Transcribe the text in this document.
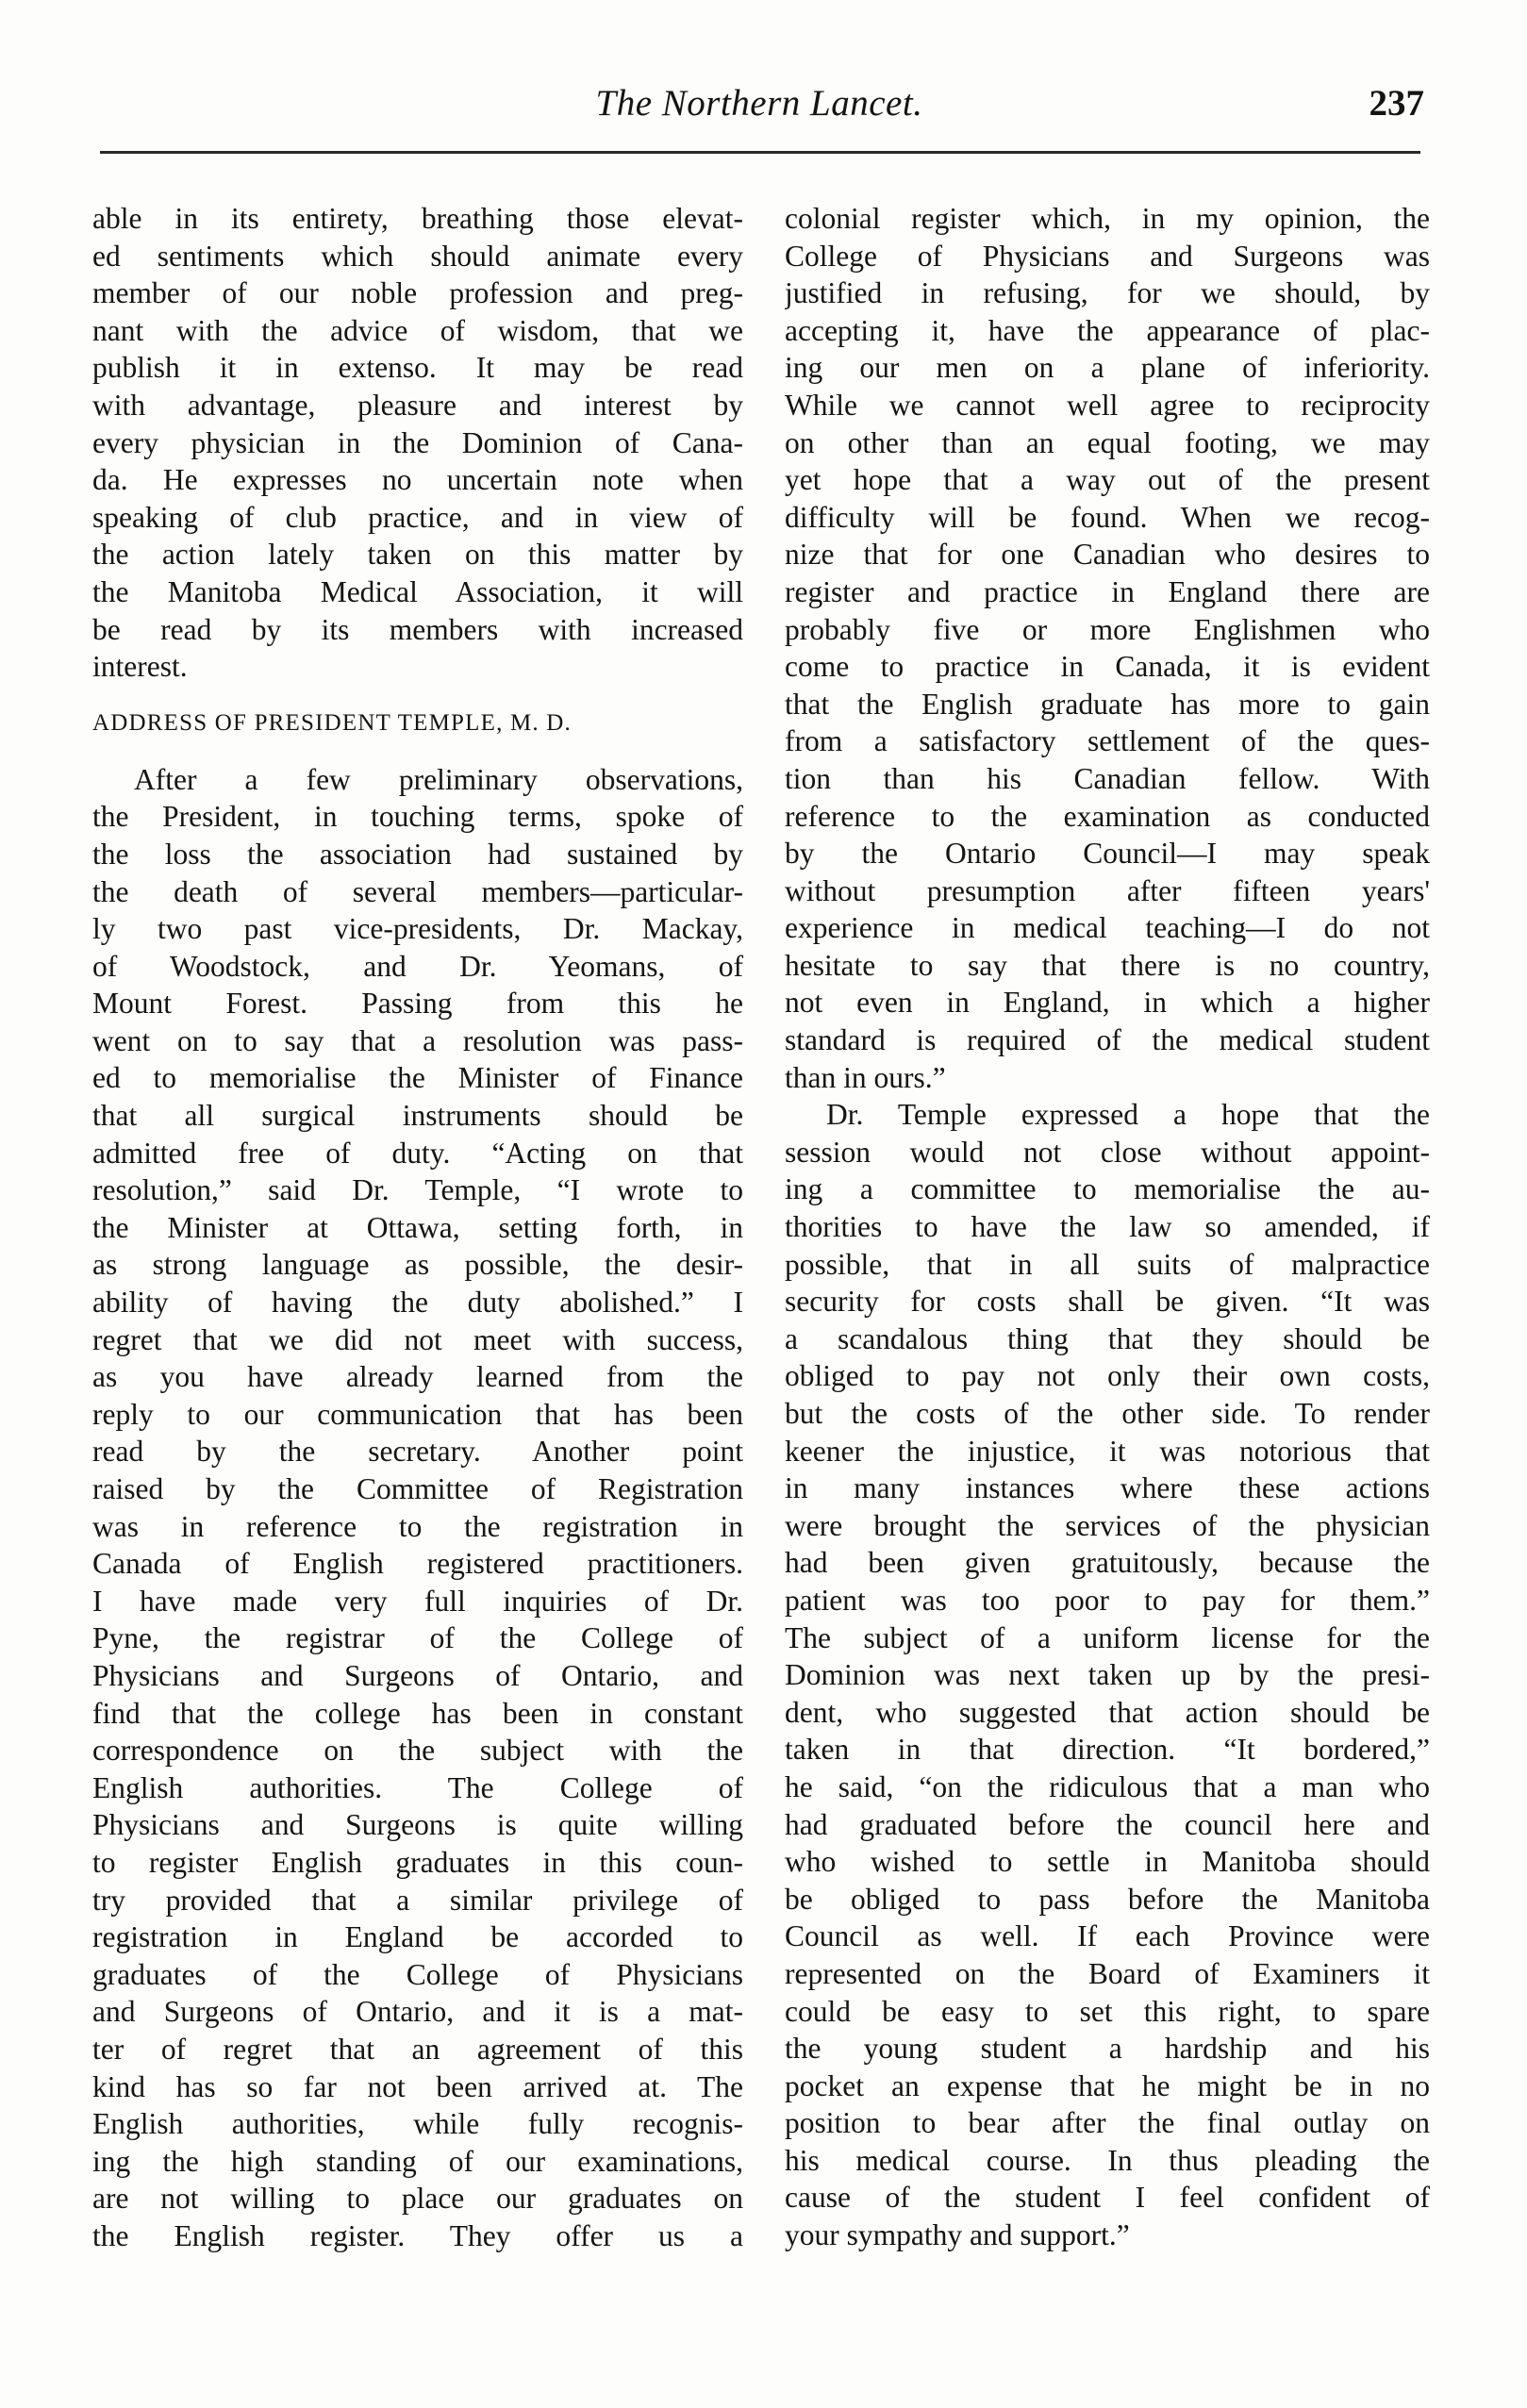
The Northern Lancet.	237
able in its entirety, breathing those elevat-
ed sentiments which should animate every
member of our noble profession and preg-
nant with the advice of wisdom, that we
publish it in extenso. It may be read
with advantage, pleasure and interest by
every physician in the Dominion of Cana-
da. He expresses no uncertain note when
speaking of club practice, and in view of
the action lately taken on this matter by
the Manitoba Medical Association, it will
be read by its members with increased
interest.
ADDRESS OF PRESIDENT TEMPLE, M. D.
After a few preliminary observations,
the President, in touching terms, spoke of
the loss the association had sustained by
the death of several members—particular-
ly two past vice-presidents, Dr. Mackay,
of Woodstock, and Dr. Yeomans, of
Mount Forest. Passing from this he
went on to say that a resolution was pass-
ed to memorialise the Minister of Finance
that all surgical instruments should be
admitted free of duty. “Acting on that
resolution,” said Dr. Temple, “I wrote to
the Minister at Ottawa, setting forth, in
as strong language as possible, the desir-
ability of having the duty abolished.” I
regret that we did not meet with success,
as you have already learned from the
reply to our communication that has been
read by the secretary. Another point
raised by the Committee of Registration
was in reference to the registration in
Canada of English registered practitioners.
I have made very full inquiries of Dr.
Pyne, the registrar of the College of
Physicians and Surgeons of Ontario, and
find that the college has been in constant
correspondence on the subject with the
English authorities. The College of
Physicians and Surgeons is quite willing
to register English graduates in this coun-
try provided that a similar privilege of
registration in England be accorded to
graduates of the College of Physicians
and Surgeons of Ontario, and it is a mat-
ter of regret that an agreement of this
kind has so far not been arrived at. The
English authorities, while fully recognis-
ing the high standing of our examinations,
are not willing to place our graduates on
the English register. They offer us a
colonial register which, in my opinion, the
College of Physicians and Surgeons was
justified in refusing, for we should, by
accepting it, have the appearance of plac-
ing our men on a plane of inferiority.
While we cannot well agree to reciprocity
on other than an equal footing, we may
yet hope that a way out of the present
difficulty will be found. When we recog-
nize that for one Canadian who desires to
register and practice in England there are
probably five or more Englishmen who
come to practice in Canada, it is evident
that the English graduate has more to gain
from a satisfactory settlement of the ques-
tion than his Canadian fellow. With
reference to the examination as conducted
by the Ontario Council—I may speak
without presumption after fifteen years'
experience in medical teaching—I do not
hesitate to say that there is no country,
not even in England, in which a higher
standard is required of the medical student
than in ours.”
Dr. Temple expressed a hope that the
session would not close without appoint-
ing a committee to memorialise the au-
thorities to have the law so amended, if
possible, that in all suits of malpractice
security for costs shall be given. “It was
a scandalous thing that they should be
obliged to pay not only their own costs,
but the costs of the other side. To render
keener the injustice, it was notorious that
in many instances where these actions
were brought the services of the physician
had been given gratuitously, because the
patient was too poor to pay for them.”
The subject of a uniform license for the
Dominion was next taken up by the presi-
dent, who suggested that action should be
taken in that direction. “It bordered,”
he said, “on the ridiculous that a man who
had graduated before the council here and
who wished to settle in Manitoba should
be obliged to pass before the Manitoba
Council as well. If each Province were
represented on the Board of Examiners it
could be easy to set this right, to spare
the young student a hardship and his
pocket an expense that he might be in no
position to bear after the final outlay on
his medical course. In thus pleading the
cause of the student I feel confident of
your sympathy and support.”
